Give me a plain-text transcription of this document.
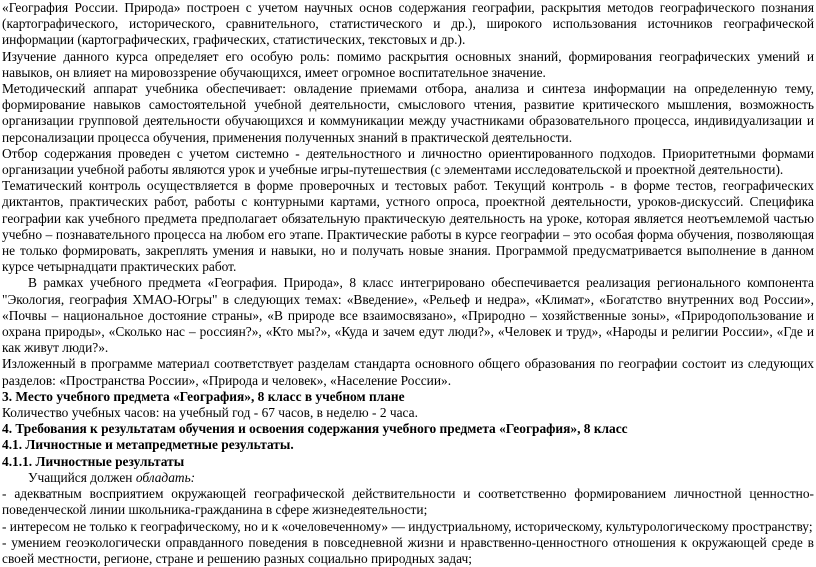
«География России. Природа» построен с учетом научных основ содержания географии, раскрытия методов географического познания (картографического, исторического, сравнительного, статистического и др.), широкого использования источников географической информации (картографических, графических, статистических, текстовых и др.).

Изучение данного курса определяет его особую роль: помимо раскрытия основных знаний, формирования географических умений и навыков, он влияет на мировоззрение обучающихся, имеет огромное воспитательное значение.

Методический аппарат учебника обеспечивает: овладение приемами отбора, анализа и синтеза информации на определенную тему, формирование навыков самостоятельной учебной деятельности, смыслового чтения, развитие критического мышления, возможность организации групповой деятельности обучающихся и коммуникации между участниками образовательного процесса, индивидуализации и персонализации процесса обучения, применения полученных знаний в практической деятельности.

Отбор содержания проведен с учетом системно - деятельностного и личностно ориентированного подходов. Приоритетными формами организации учебной работы являются урок и учебные игры-путешествия (с элементами исследовательской и проектной деятельности).

Тематический контроль осуществляется в форме проверочных и тестовых работ. Текущий контроль - в форме тестов, географических диктантов, практических работ, работы с контурными картами, устного опроса, проектной деятельности, уроков-дискуссий. Специфика географии как учебного предмета предполагает обязательную практическую деятельность на уроке, которая является неотъемлемой частью учебно – познавательного процесса на любом его этапе. Практические работы в курсе географии – это особая форма обучения, позволяющая не только формировать, закреплять умения и навыки, но и получать новые знания. Программой предусматривается выполнение в данном курсе четырнадцати практических работ.

В рамках учебного предмета «География. Природа», 8 класс интегрировано обеспечивается реализация регионального компонента "Экология, география ХМАО-Югры" в следующих темах: «Введение», «Рельеф и недра», «Климат», «Богатство внутренних вод России», «Почвы – национальное достояние страны», «В природе все взаимосвязано», «Природно – хозяйственные зоны», «Природопользование и охрана природы», «Сколько нас – россиян?», «Кто мы?», «Куда и зачем едут люди?», «Человек и труд», «Народы и религии России», «Где и как живут люди?».

Изложенный в программе материал соответствует разделам стандарта основного общего образования по географии состоит из следующих разделов: «Пространства России», «Природа и человек», «Население России».

3. Место учебного предмета «География», 8 класс в учебном плане

Количество учебных часов: на учебный год - 67 часов, в неделю - 2 часа.

4. Требования к результатам обучения и освоения содержания учебного предмета «География», 8 класс

4.1. Личностные и метапредметные результаты.

4.1.1. Личностные результаты

Учащийся должен обладать:

- адекватным восприятием окружающей географической действительности и соответственно формированием личностной ценностно-поведенческой линии школьника-гражданина в сфере жизнедеятельности;

- интересом не только к географическому, но и к «очеловеченному» — индустриальному, историческому, культурологическому пространству;

- умением геоэкологически оправданного поведения в повседневной жизни и нравственно-ценностного отношения к окружающей среде в своей местности, регионе, стране и решению разных социально природных задач;
